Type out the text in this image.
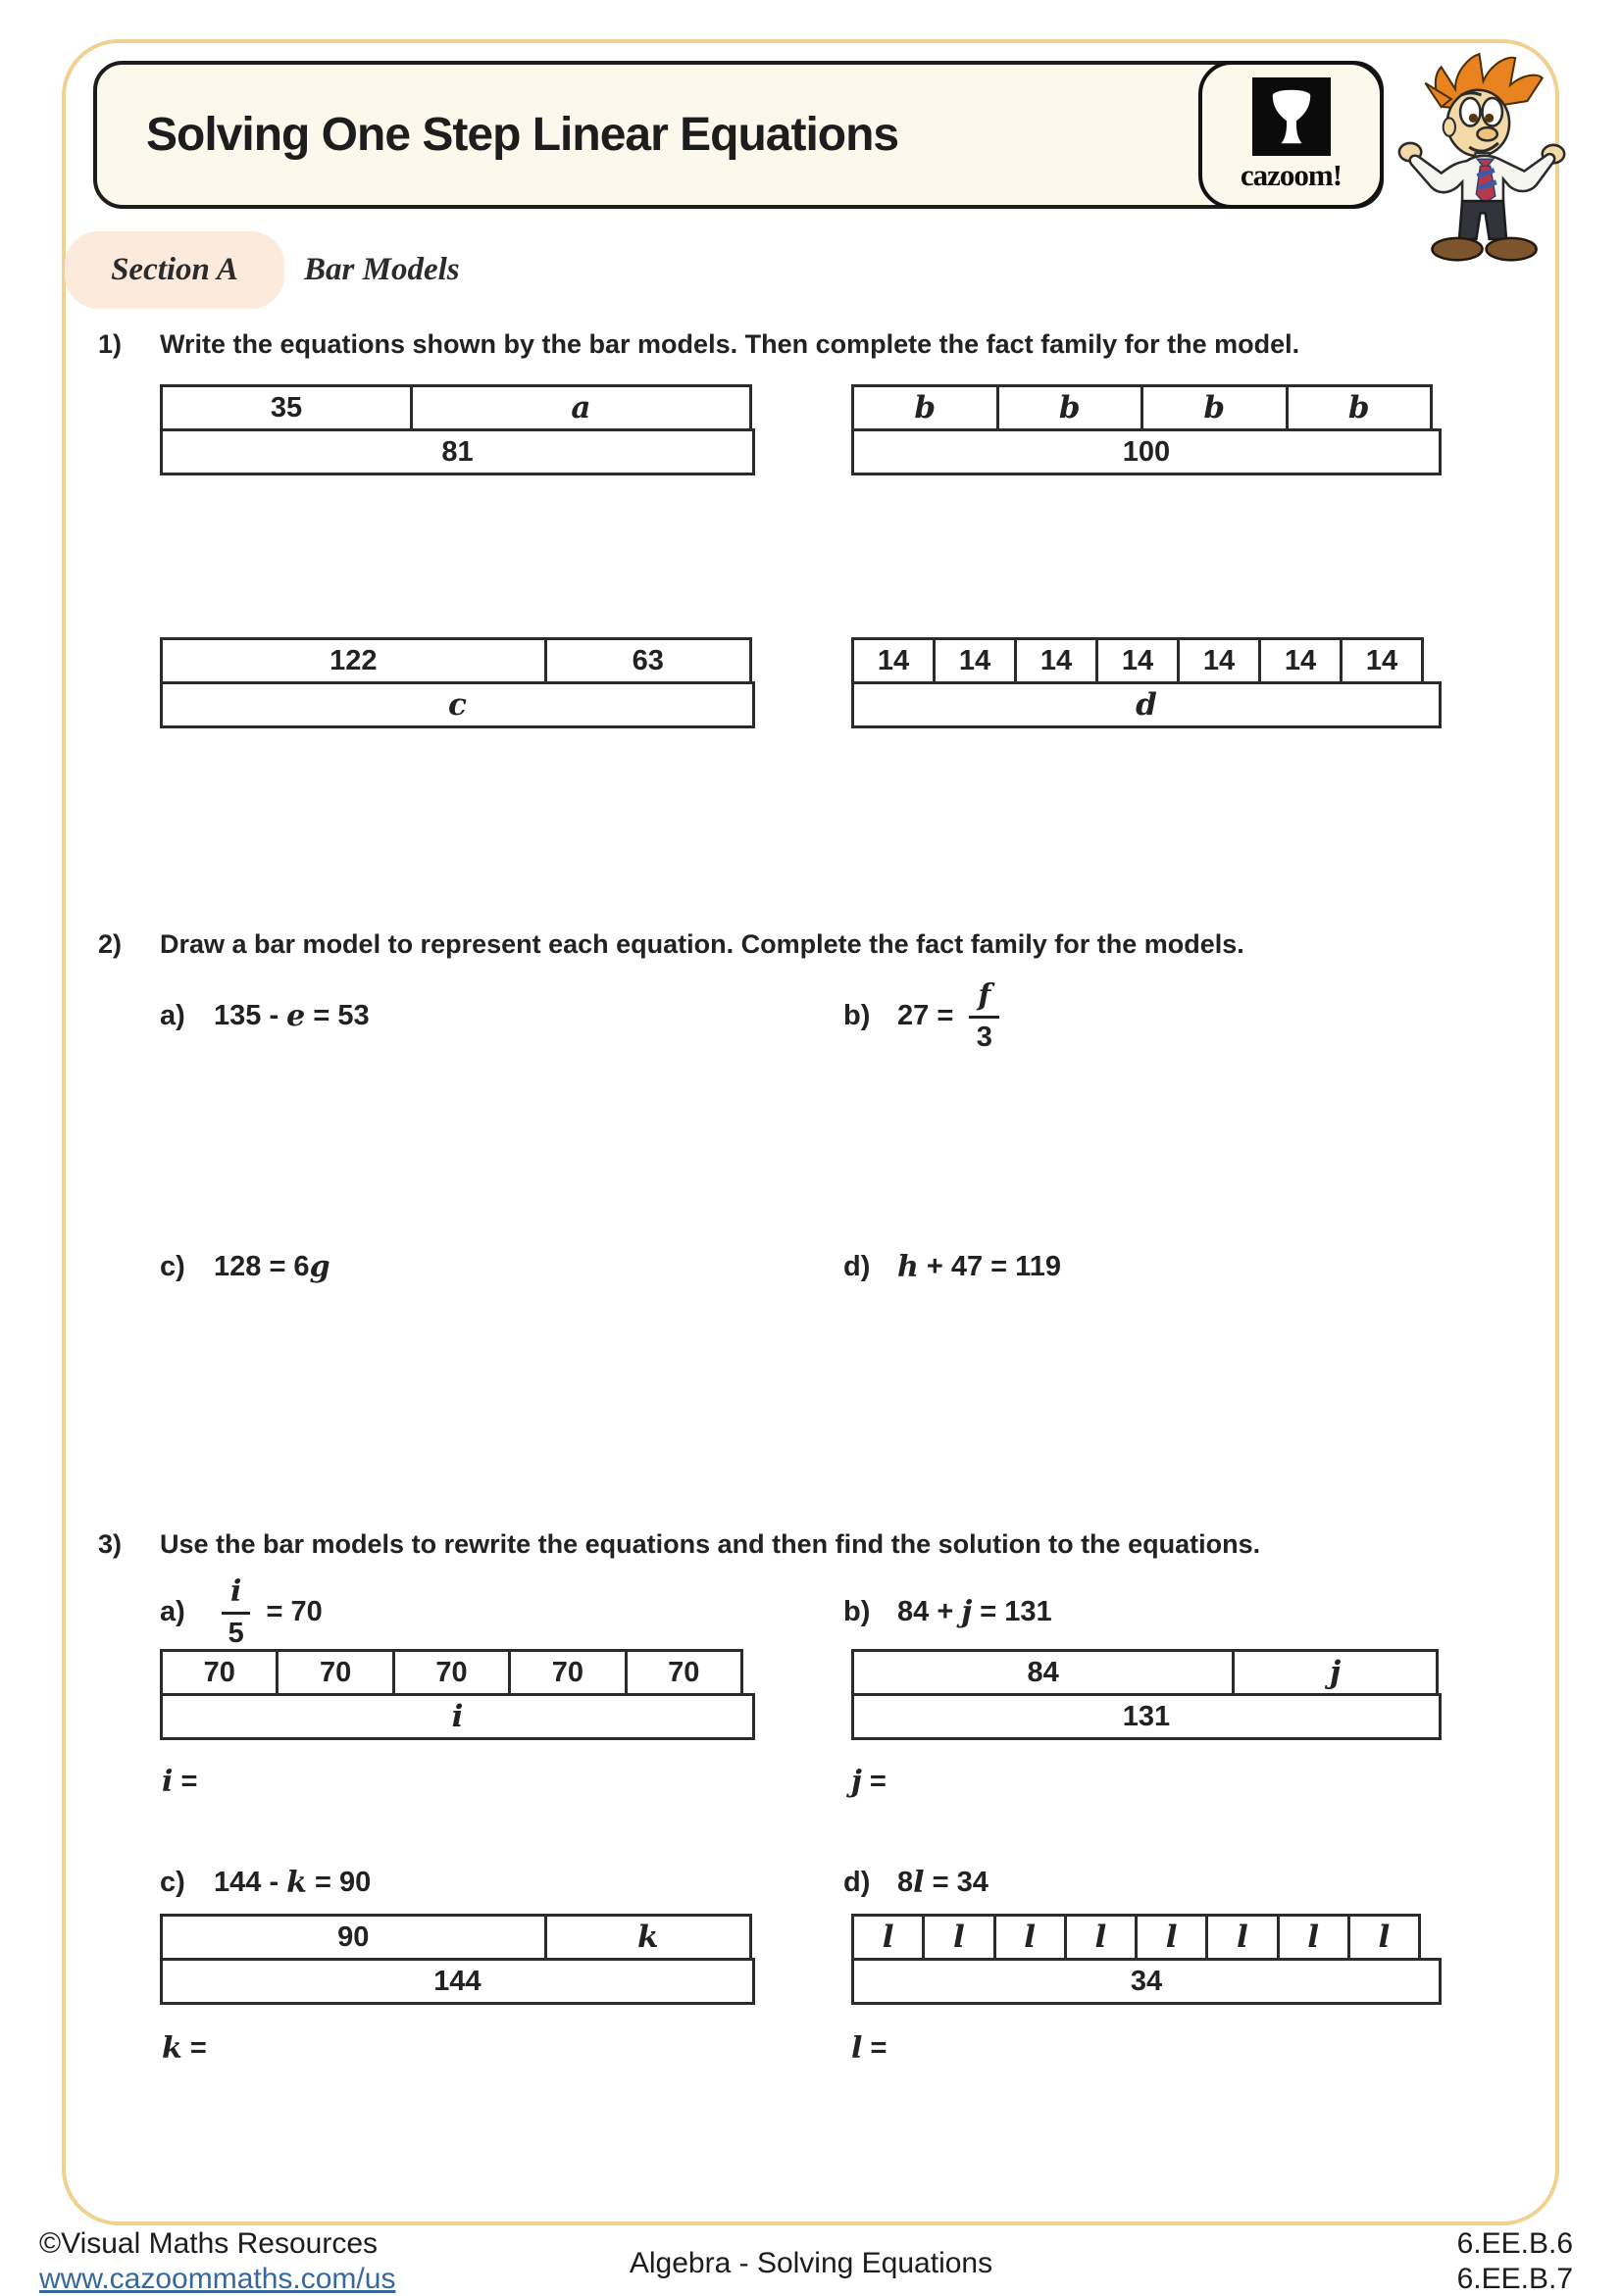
Solving One Step Linear Equations
cazoom!
Section A Bar Models
1)	Write the equations shown by the bar models. Then complete the fact family for the model.
35	a
81
b	b	b	b
100
122	63
c
14 14 14 14 14 14 14
d
2)	Draw a bar model to represent each equation. Complete the fact family for the models.
a)	135 - e = 53	b) $27 = \frac{f}{3}$
c)	128 = 6 g	d) h + 47 = 119
3)	Use the bar models to rewrite the equations and then find the solution to the equations.
a)	$\frac{i}{5} = 70$	b) 84 + j = 131
70	70	70	70	70
i
84	j
131
i =	j =
c)	144 - k = 90	d) 8 l = 34
90	k
144
l l l l l l l l
34
k =	l =
©Visual Maths Resources
www.cazoommaths.com/us	Algebra - Solving Equations
6.EE.B.6
6.EE.B.7
